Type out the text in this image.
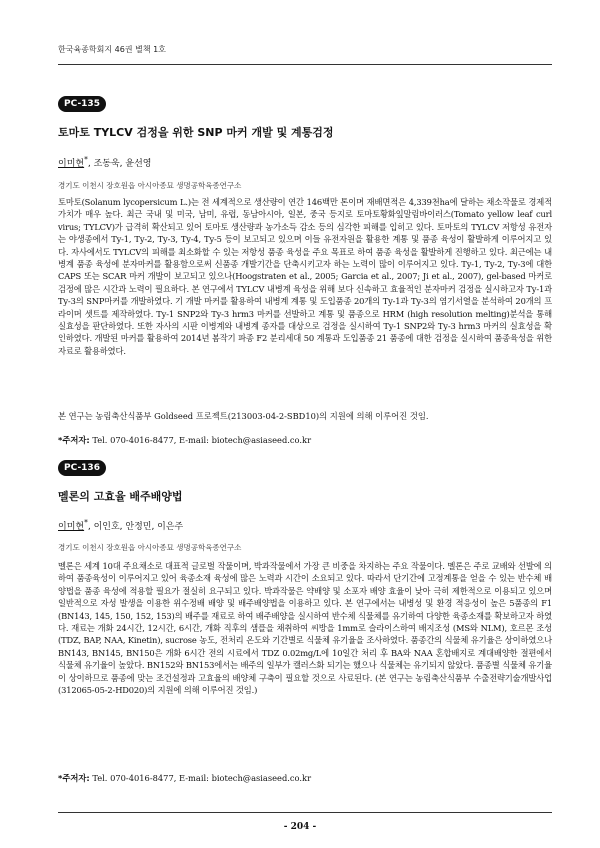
한국육종학회지 46권 별책 1호
PC-135
토마토 TYLCV 검정을 위한 SNP 마커 개발 및 계통검정
이미현*, 조동욱, 윤선영
경기도 이천시 장호원읍 아시아종묘 생명공학육종연구소

토마토(Solanum lycopersicum L.)는 전 세계적으로 생산량이 연간 146백만 톤이며 재배면적은 4,339천ha에 달하는 채소작물로 경제적 가치가 매우 높다. 최근 국내 및 미국, 남미, 유럽, 동남아시아, 일본, 중국 등지로 토마토황화잎말림바이러스(Tomato yellow leaf curl virus; TYLCV)가 급격히 확산되고 있어 토마토 생산량과 농가소득 감소 등의 심각한 피해를 입히고 있다. 토마토의 TYLCV 저항성 유전자는 야생종에서 Ty-1, Ty-2, Ty-3, Ty-4, Ty-5 등이 보고되고 있으며 이들 유전자원을 활용한 계통 및 품종 육성이 활발하게 이루어지고 있다. 자사에서도 TYLCV의 피해를 최소화할 수 있는 저항성 품종 육성을 주요 목표로 하여 품종 육성을 활발하게 진행하고 있다. 최근에는 내병계 품종 육성에 분자마커를 활용함으로써 신품종 개발기간을 단축시키고자 하는 노력이 많이 이루어지고 있다. Ty-1, Ty-2, Ty-3에 대한 CAPS 또는 SCAR 마커 개발이 보고되고 있으나(Hoogstraten et al., 2005; Garcia et al., 2007; Ji et al., 2007), gel-based 마커로 검정에 많은 시간과 노력이 필요하다. 본 연구에서 TYLCV 내병계 육성을 위해 보다 신속하고 효율적인 분자마커 검정을 실시하고자 Ty-1과 Ty-3의 SNP마커를 개발하였다. 기 개발 마커를 활용하여 내병계 계통 및 도입품종 20개의 Ty-1과 Ty-3의 염기서열을 분석하여 20개의 프라이머 셋트를 제작하였다. Ty-1 SNP2와 Ty-3 hrm3 마커를 선발하고 계통 및 품종으로 HRM (high resolution melting)분석을 통해 실효성을 판단하였다. 또한 자사의 시판 이병계와 내병계 종자를 대상으로 검정을 실시하여 Ty-1 SNP2와 Ty-3 hrm3 마커의 실효성을 확인하였다. 개발된 마커를 활용하여 2014년 봄작기 파종 F2 분리세대 50 계통과 도입품종 21 품종에 대한 검정을 실시하여 품종육성을 위한 자료로 활용하였다.

본 연구는 농림축산식품부 Goldseed 프로젝트(213003-04-2-SBD10)의 지원에 의해 이루어진 것임.
*주저자: Tel. 070-4016-8477, E-mail: biotech@asiaseed.co.kr
PC-136
멜론의 고효율 배주배양법
이미현*, 이인호, 안정민, 이은주
경기도 이천시 장호원읍 아시아종묘 생명공학육종연구소

멜론은 세계 10대 주요채소로 대표적 글로벌 작물이며, 박과작물에서 가장 큰 비중을 차지하는 주요 작물이다. 멜론은 주로 교배와 선발에 의하여 품종육성이 이루어지고 있어 육종소재 육성에 많은 노력과 시간이 소요되고 있다. 따라서 단기간에 고정계통을 얻을 수 있는 반수체 배양법을 품종 육성에 적용할 필요가 절실히 요구되고 있다. 박과작물은 약배양 및 소포자 배양 효율이 낮아 극히 제한적으로 이용되고 있으며 일반적으로 자성 발생을 이용한 위수정배 배양 및 배주배양법을 이용하고 있다. 본 연구에서는 내병성 및 환경 적응성이 높은 5품종의 F1 (BN143, 145, 150, 152, 153)의 배주를 재료로 하여 배주배양을 실시하여 반수체 식물체를 유기하여 다양한 육종소재를 확보하고자 하였다. 재료는 개화 24시간, 12시간, 6시간, 개화 직후의 샘플을 채취하여 씨방을 1mm로 슬라이스하여 배지조성 (MS와 NLM), 호르몬 조성(TDZ, BAP, NAA, Kinetin), sucrose 농도, 전처리 온도와 기간별로 식물체 유기율을 조사하였다. 품종간의 식물체 유기율은 상이하였으나 BN143, BN145, BN150은 개화 6시간 전의 시료에서 TDZ 0.02mg/L에 10일간 처리 후 BA와 NAA 혼합배지로 계대배양한 절편에서 식물체 유기율이 높았다. BN152와 BN153에서는 배주의 일부가 캘러스화 되기는 했으나 식물체는 유기되지 않았다. 품종별 식물체 유기율이 상이하므로 품종에 맞는 조건설정과 고효율의 배양체 구축이 필요할 것으로 사료된다. (본 연구는 농림축산식품부 수출전략기술개발사업(312065-05-2-HD020)의 지원에 의해 이루어진 것임.)

*주저자: Tel. 070-4016-8477, E-mail: biotech@asiaseed.co.kr
- 204 -
